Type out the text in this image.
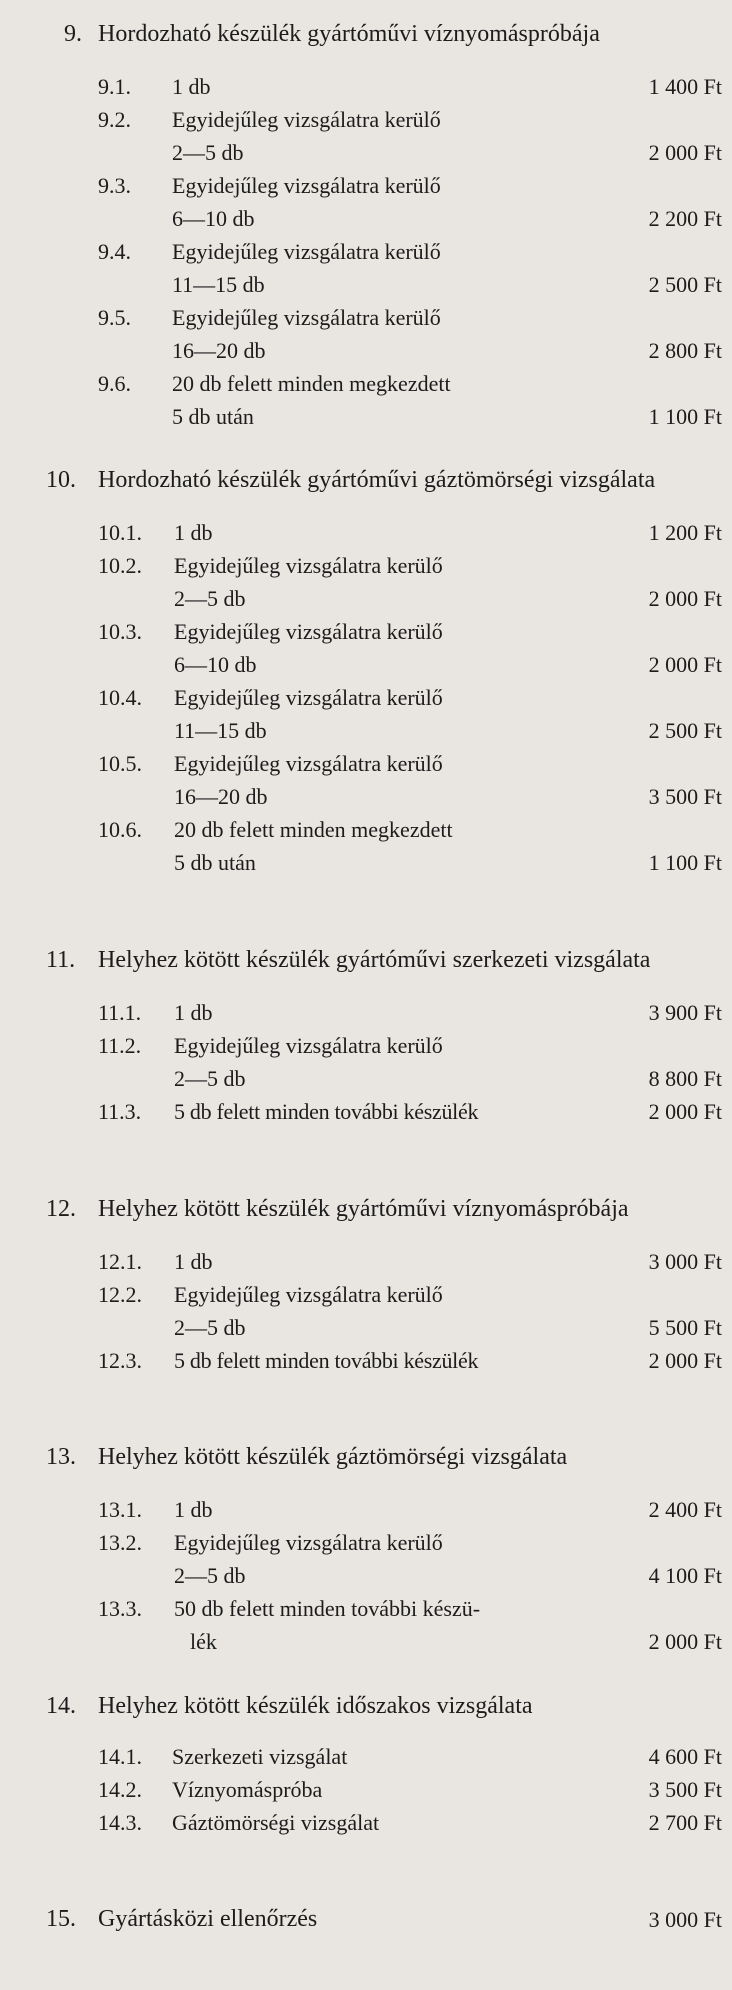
9. Hordozható készülék gyártóművi víznyomáspróbája
9.1. 1 db	1 400 Ft
9.2. Egyidejűleg vizsgálatra kerülő
2—5 db	2 000 Ft
9.3. Egyidejűleg vizsgálatra kerülő
6—10 db	2 200 Ft
9.4. Egyidejűleg vizsgálatra kerülő
11—15 db	2 500 Ft
9.5. Egyidejűleg vizsgálatra kerülő
16—20 db	2 800 Ft
9.6. 20 db felett minden megkezdett
5 db után	1 100 Ft
10. Hordozható készülék gyártóművi gáztömörségi vizsgálata
10.1. 1 db	1 200 Ft
10.2. Egyidejűleg vizsgálatra kerülő
2—5 db	2 000 Ft
10.3. Egyidejűleg vizsgálatra kerülő
6—10 db	2 000 Ft
10.4. Egyidejűleg vizsgálatra kerülő
11—15 db	2 500 Ft
10.5. Egyidejűleg vizsgálatra kerülő
16—20 db	3 500 Ft
10.6. 20 db felett minden megkezdett
5 db után	1 100 Ft
11. Helyhez kötött készülék gyártóművi szerkezeti vizsgálata
11.1. 1 db	3 900 Ft
11.2. Egyidejűleg vizsgálatra kerülő
2—5 db	8 800 Ft
11.3. 5 db felett minden további készülék	2 000 Ft
12. Helyhez kötött készülék gyártóművi víznyomáspróbája
12.1. 1 db	3 000 Ft
12.2. Egyidejűleg vizsgálatra kerülő
2—5 db	5 500 Ft
12.3. 5 db felett minden további készülék	2 000 Ft
13. Helyhez kötött készülék gáztömörségi vizsgálata
13.1. 1 db	2 400 Ft
13.2. Egyidejűleg vizsgálatra kerülő
2—5 db	4 100 Ft
13.3. 50 db felett minden további készü-
lék	2 000 Ft
14. Helyhez kötött készülék időszakos vizsgálata
14.1. Szerkezeti vizsgálat	4 600 Ft
14.2. Víznyomáspróba	3 500 Ft
14.3. Gáztömörségi vizsgálat	2 700 Ft
15. Gyártásközi ellenőrzés	3 000 Ft
